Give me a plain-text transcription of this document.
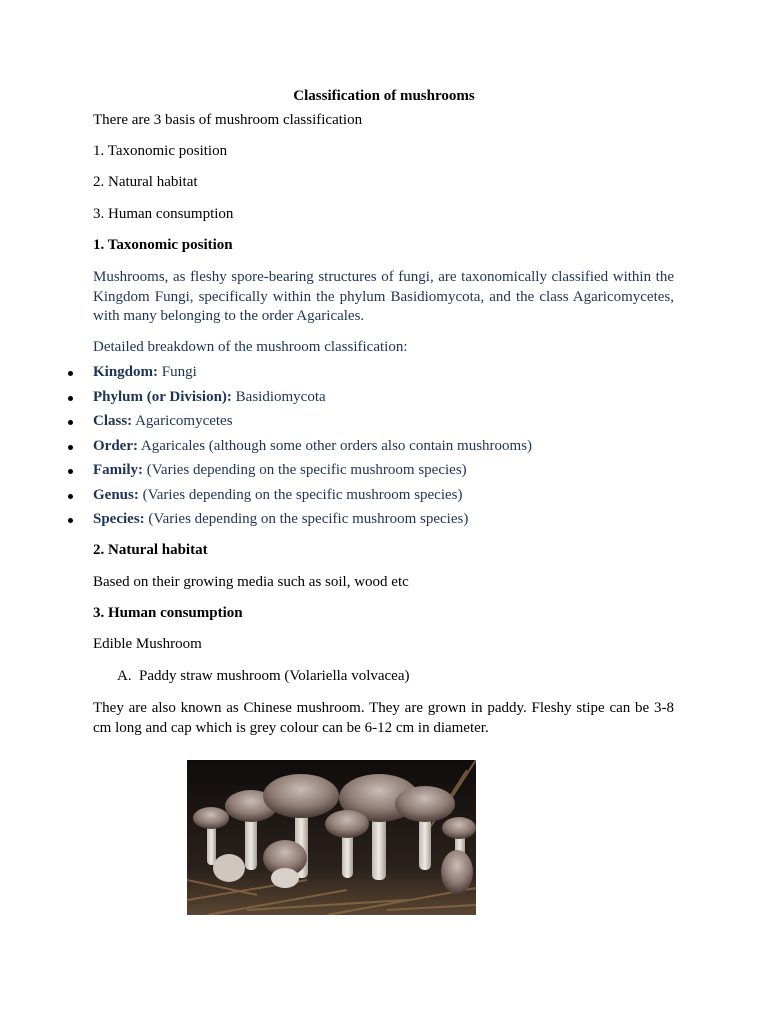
Classification of mushrooms
There are 3 basis of mushroom classification
1. Taxonomic position
2. Natural habitat
3. Human consumption
1. Taxonomic position
Mushrooms, as fleshy spore-bearing structures of fungi, are taxonomically classified within the Kingdom Fungi, specifically within the phylum Basidiomycota, and the class Agaricomycetes, with many belonging to the order Agaricales.
Detailed breakdown of the mushroom classification:
Kingdom: Fungi
Phylum (or Division): Basidiomycota
Class: Agaricomycetes
Order: Agaricales (although some other orders also contain mushrooms)
Family: (Varies depending on the specific mushroom species)
Genus: (Varies depending on the specific mushroom species)
Species: (Varies depending on the specific mushroom species)
2. Natural habitat
Based on their growing media such as soil, wood etc
3. Human consumption
Edible Mushroom
A. Paddy straw mushroom (Volariella volvacea)
They are also known as Chinese mushroom. They are grown in paddy. Fleshy stipe can be 3-8 cm long and cap which is grey colour can be 6-12 cm in diameter.
